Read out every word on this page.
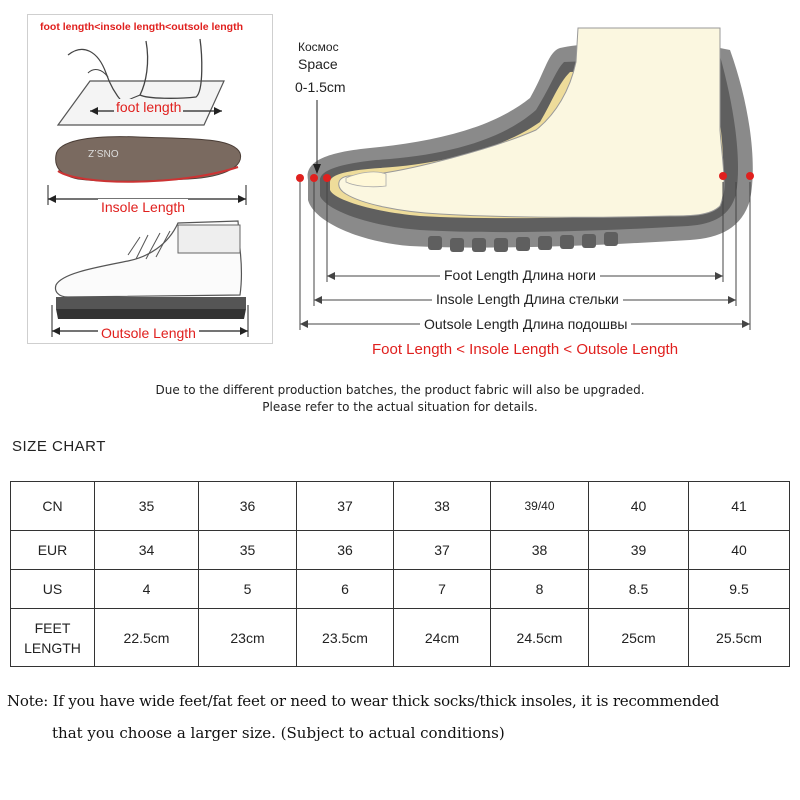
foot length<insole length<outsole length
foot length
ONS.Z
Insole Length
Outsole Length
Космос
Space
0-1.5cm
Foot Length Длина ноги
Insole Length Длина стельки
Outsole Length Длина подошвы
Foot Length < Insole Length < Outsole Length
Due to the different production batches, the product fabric will also be upgraded.
Please refer to the actual situation for details.
SIZE CHART
CN	35	36	37	38	39/40	40	41
EUR	34	35	36	37	38	39	40
US	4	5	6	7	8	8.5	9.5

FEET
LENGTH	22.5cm	23cm	23.5cm	24cm	24.5cm	25cm	25.5cm
Note: If you have wide feet/fat feet or need to wear thick socks/thick insoles, it is recommended
that you choose a larger size. (Subject to actual conditions)
